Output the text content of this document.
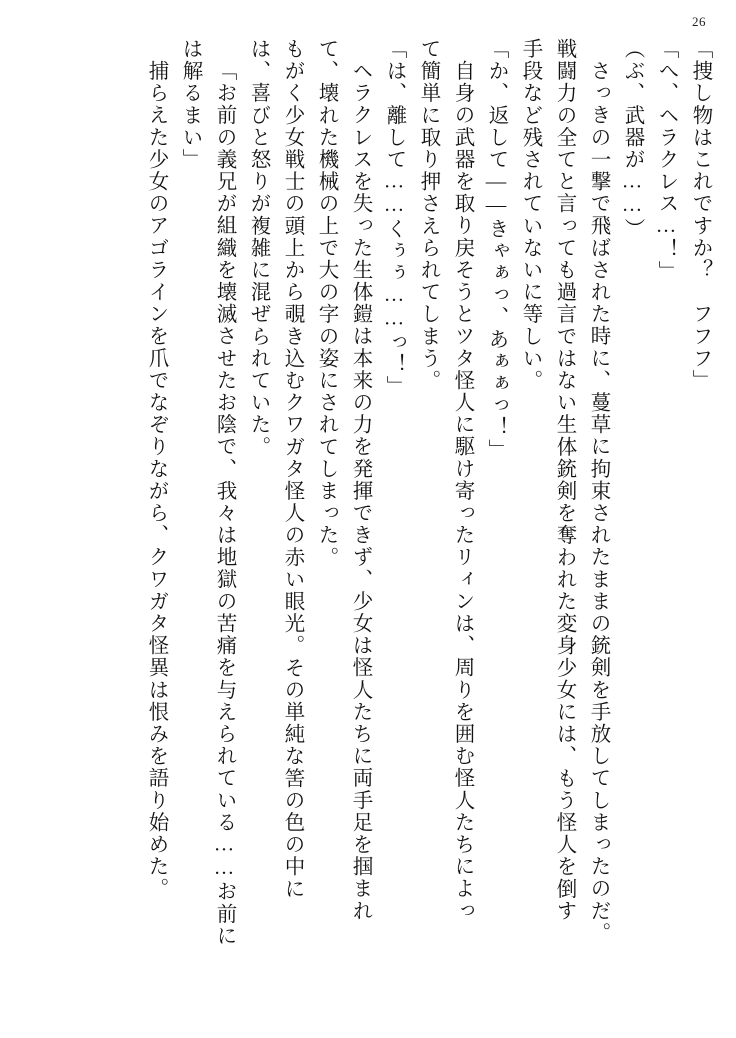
26
「捜し物はこれですか？　フフフ」
「へ、ヘラクレス…！」
（ぶ、武器が……）
さっきの一撃で飛ばされた時に、蔓草に拘束されたままの銃剣を手放してしまったのだ。
戦闘力の全てと言っても過言ではない生体銃剣を奪われた変身少女には、もう怪人を倒す
手段など残されていないに等しい。
「か、返して——きゃぁっ、あぁぁっ！」
自身の武器を取り戻そうとツタ怪人に駆け寄ったリィンは、周りを囲む怪人たちによっ
て簡単に取り押さえられてしまう。
「は、離して……くぅぅ……っ！」
ヘラクレスを失った生体鎧は本来の力を発揮できず、少女は怪人たちに両手足を掴まれ
て、壊れた機械の上で大の字の姿にされてしまった。
もがく少女戦士の頭上から覗き込むクワガタ怪人の赤い眼光。その単純な筈の色の中に
は、喜びと怒りが複雑に混ぜられていた。
「お前の義兄が組織を壊滅させたお陰で、我々は地獄の苦痛を与えられている……お前に
は解るまい」
捕らえた少女のアゴラインを爪でなぞりながら、クワガタ怪異は恨みを語り始めた。
